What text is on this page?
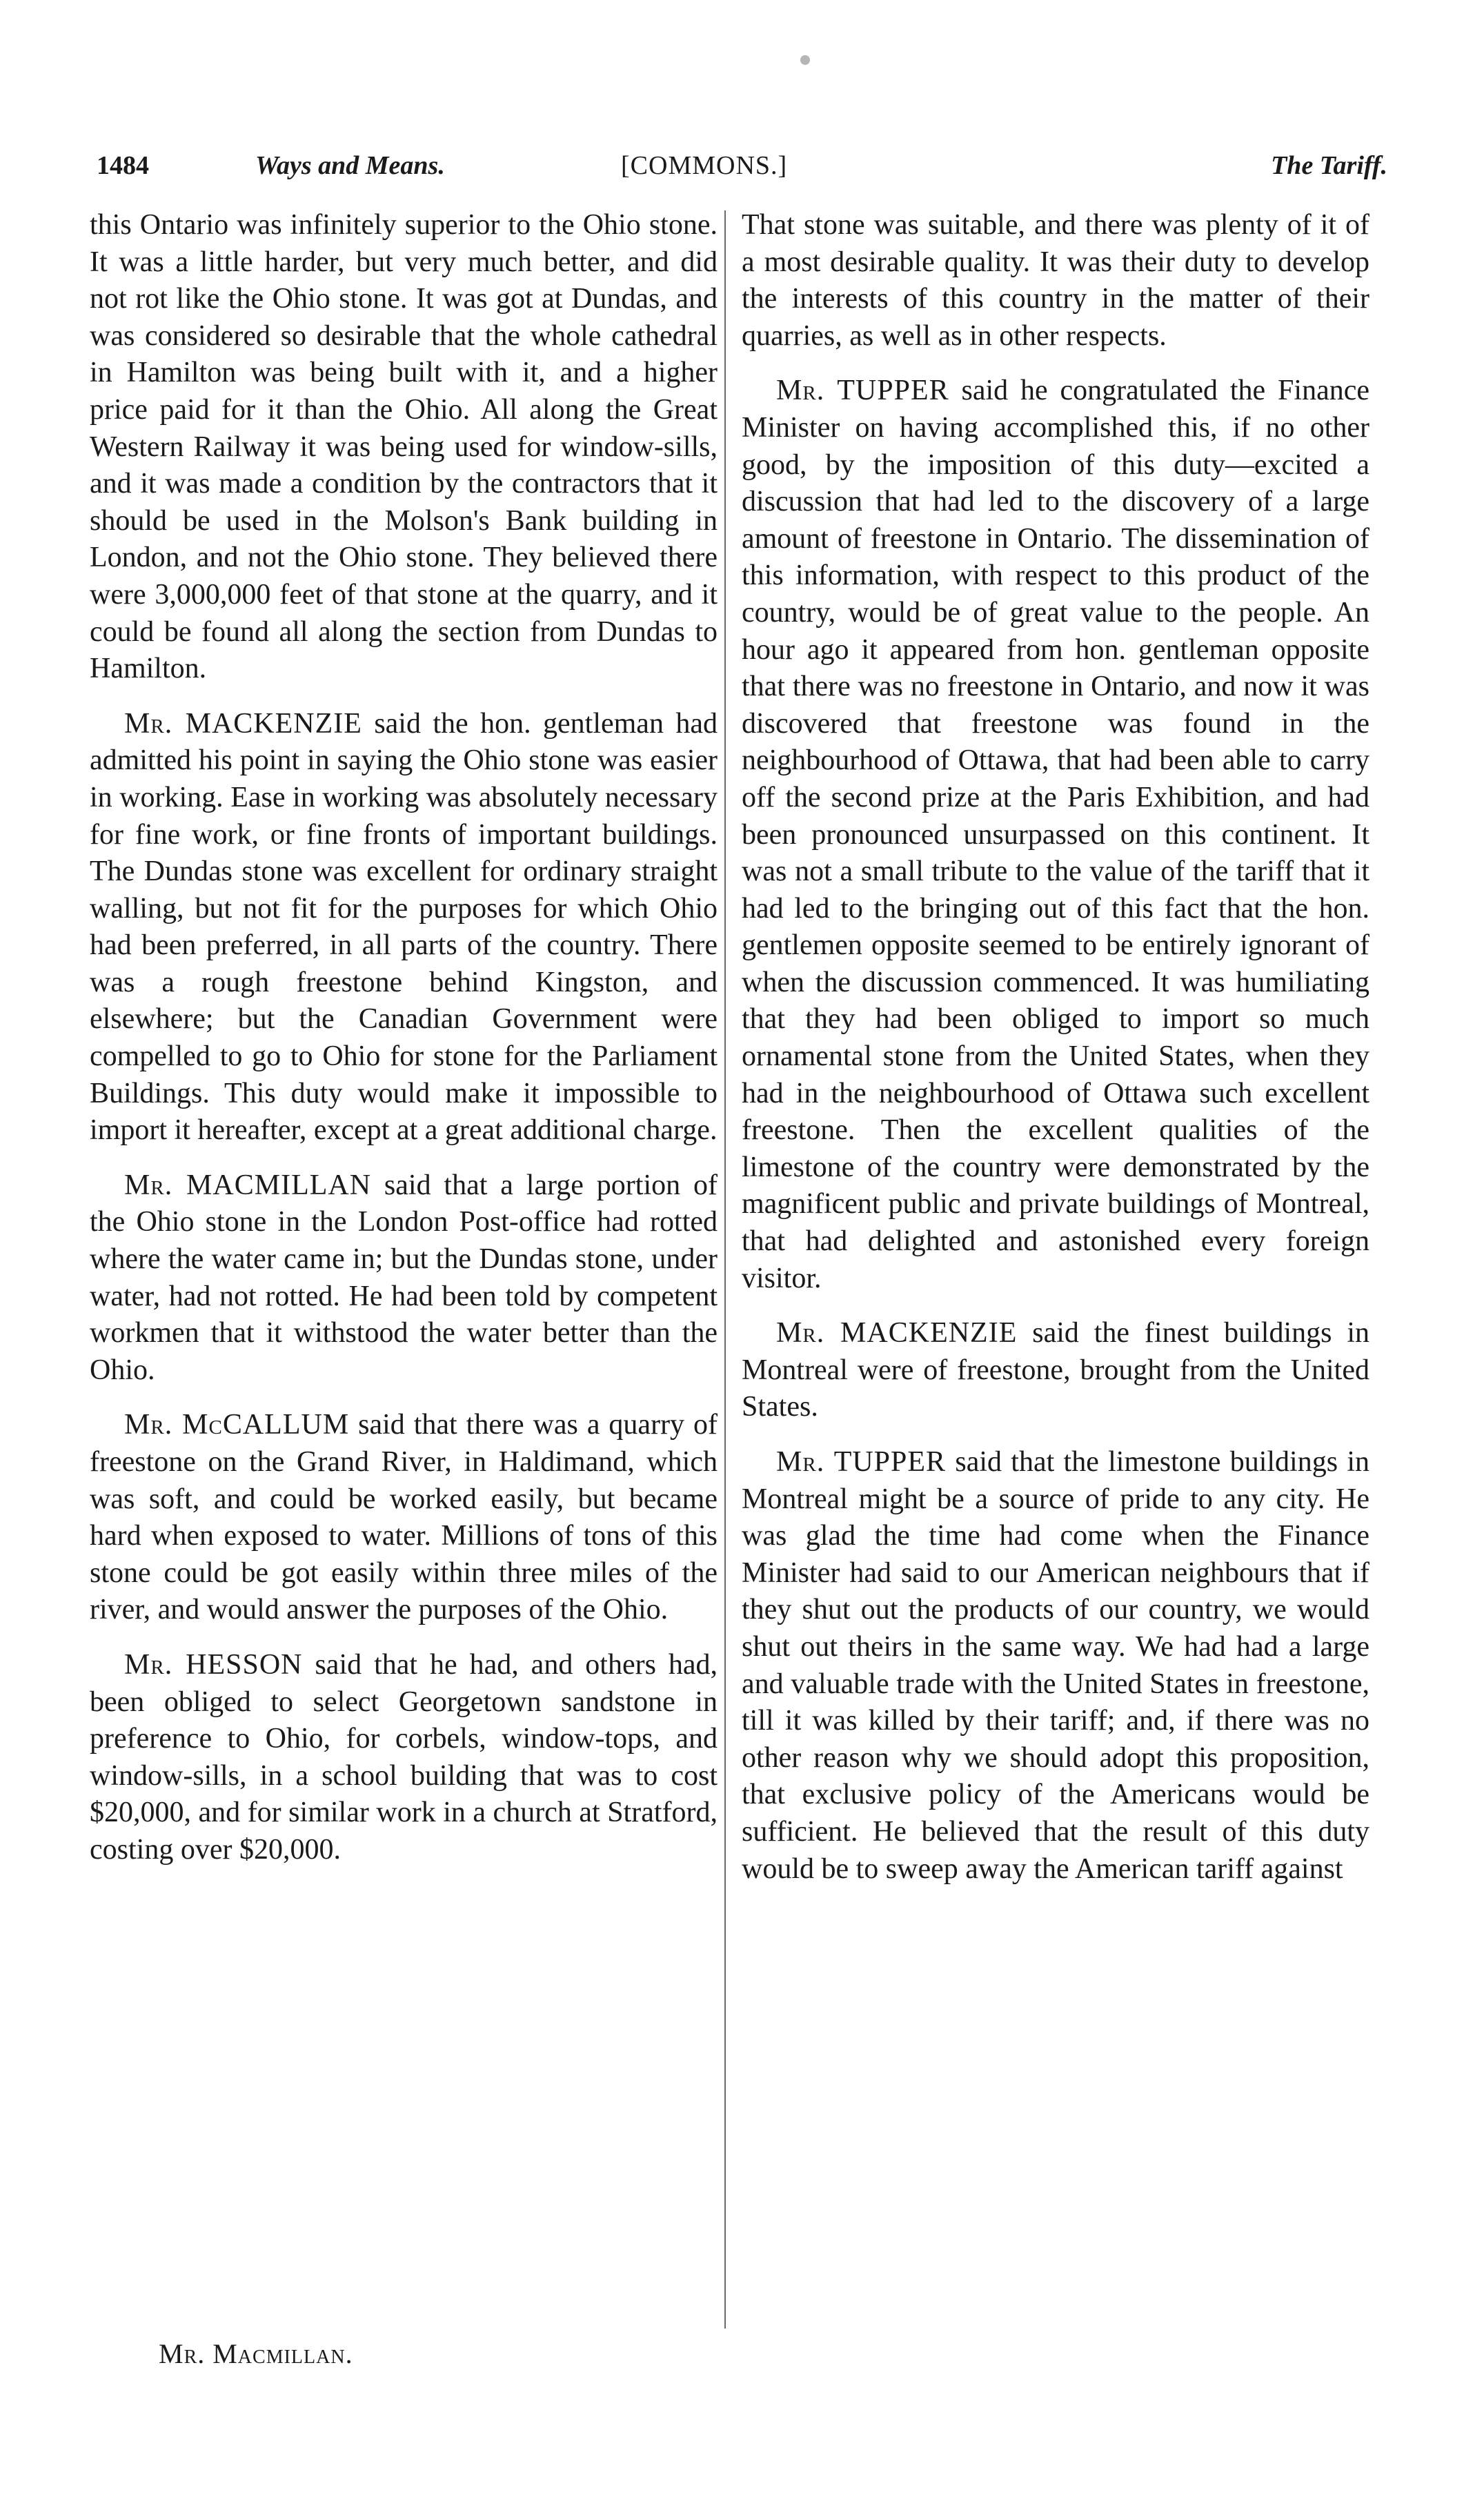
1484	Ways and Means.	[COMMONS.]	The Tariff.

this Ontario was infinitely superior to the Ohio stone. It was a little harder, but very much better, and did not rot like the Ohio stone. It was got at Dundas, and was considered so desirable that the whole cathedral in Hamilton was being built with it, and a higher price paid for it than the Ohio. All along the Great Western Railway it was being used for window-sills, and it was made a condition by the contractors that it should be used in the Molson's Bank building in London, and not the Ohio stone. They believed there were 3,000,000 feet of that stone at the quarry, and it could be found all along the section from Dundas to Hamilton.

Mr. MACKENZIE said the hon. gentleman had admitted his point in saying the Ohio stone was easier in working. Ease in working was absolutely necessary for fine work, or fine fronts of important buildings. The Dundas stone was excellent for ordinary straight walling, but not fit for the purposes for which Ohio had been preferred, in all parts of the country. There was a rough freestone behind Kingston, and elsewhere; but the Canadian Government were compelled to go to Ohio for stone for the Parliament Buildings. This duty would make it impossible to import it hereafter, except at a great additional charge.

Mr. MACMILLAN said that a large portion of the Ohio stone in the London Post-office had rotted where the water came in; but the Dundas stone, under water, had not rotted. He had been told by competent workmen that it withstood the water better than the Ohio.

Mr. McCALLUM said that there was a quarry of freestone on the Grand River, in Haldimand, which was soft, and could be worked easily, but became hard when exposed to water. Millions of tons of this stone could be got easily within three miles of the river, and would answer the purposes of the Ohio.

Mr. HESSON said that he had, and others had, been obliged to select Georgetown sandstone in preference to Ohio, for corbels, window-tops, and window-sills, in a school building that was to cost $20,000, and for similar work in a church at Stratford, costing over $20,000.

That stone was suitable, and there was plenty of it of a most desirable quality. It was their duty to develop the interests of this country in the matter of their quarries, as well as in other respects.

Mr. TUPPER said he congratulated the Finance Minister on having accomplished this, if no other good, by the imposition of this duty—excited a discussion that had led to the discovery of a large amount of freestone in Ontario. The dissemination of this information, with respect to this product of the country, would be of great value to the people. An hour ago it appeared from hon. gentleman opposite that there was no freestone in Ontario, and now it was discovered that freestone was found in the neighbourhood of Ottawa, that had been able to carry off the second prize at the Paris Exhibition, and had been pronounced unsurpassed on this continent. It was not a small tribute to the value of the tariff that it had led to the bringing out of this fact that the hon. gentlemen opposite seemed to be entirely ignorant of when the discussion commenced. It was humiliating that they had been obliged to import so much ornamental stone from the United States, when they had in the neighbourhood of Ottawa such excellent freestone. Then the excellent qualities of the limestone of the country were demonstrated by the magnificent public and private buildings of Montreal, that had delighted and astonished every foreign visitor.

Mr. MACKENZIE said the finest buildings in Montreal were of freestone, brought from the United States.

Mr. TUPPER said that the limestone buildings in Montreal might be a source of pride to any city. He was glad the time had come when the Finance Minister had said to our American neighbours that if they shut out the products of our country, we would shut out theirs in the same way. We had had a large and valuable trade with the United States in freestone, till it was killed by their tariff; and, if there was no other reason why we should adopt this proposition, that exclusive policy of the Americans would be sufficient. He believed that the result of this duty would be to sweep away the American tariff against

Mr. Macmillan.
